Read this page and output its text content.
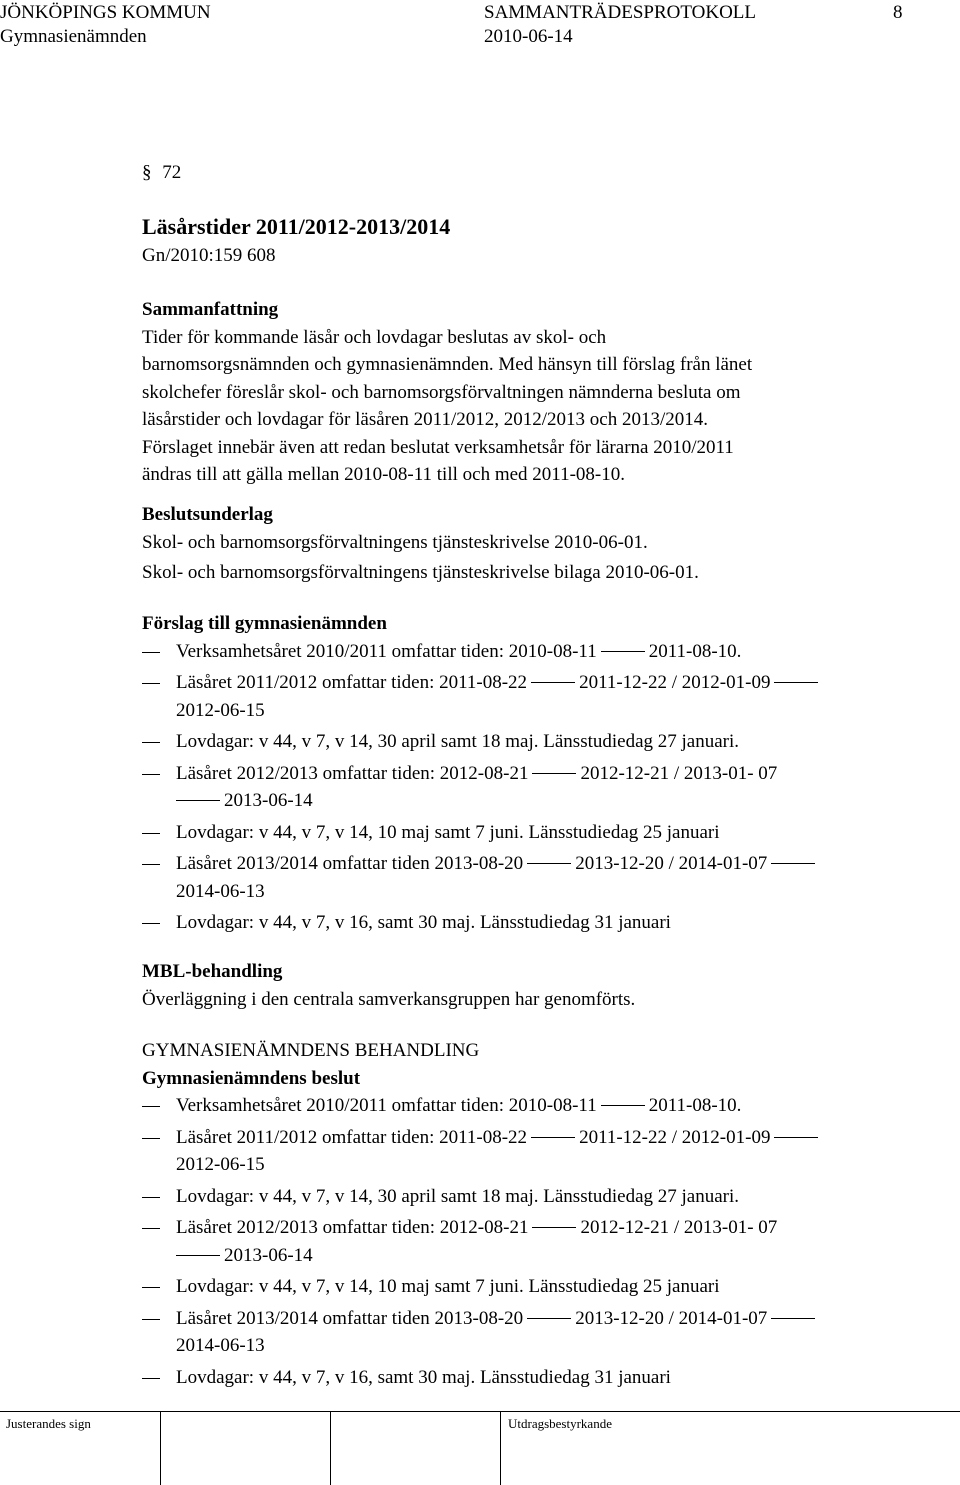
JÖNKÖPINGS KOMMUN	SAMMANTRÄDESPROTOKOLL	8
Gymnasienämnden	2010-06-14
§ 72
Läsårstider 2011/2012-2013/2014
Gn/2010:159 608
Sammanfattning
Tider för kommande läsår och lovdagar beslutas av skol- och
barnomsorgsnämnden och gymnasienämnden. Med hänsyn till förslag från länet
skolchefer föreslår skol- och barnomsorgsförvaltningen nämnderna besluta om
läsårstider och lovdagar för läsåren 2011/2012, 2012/2013 och 2013/2014.
Förslaget innebär även att redan beslutat verksamhetsår för lärarna 2010/2011
ändras till att gälla mellan 2010-08-11 till och med 2011-08-10.
Beslutsunderlag
Skol- och barnomsorgsförvaltningens tjänsteskrivelse 2010-06-01.
Skol- och barnomsorgsförvaltningens tjänsteskrivelse bilaga 2010-06-01.
Förslag till gymnasienämnden
Verksamhetsåret 2010/2011 omfattar tiden: 2010-08-11	2011-08-10.
Läsåret 2011/2012 omfattar tiden: 2011-08-22	2011-12-22 / 2012-01-09
2012-06-15
Lovdagar: v 44, v 7, v 14, 30 april samt 18 maj. Länsstudiedag 27 januari.
Läsåret 2012/2013 omfattar tiden: 2012-08-21	2012-12-21 / 2013-01- 07
2013-06-14
Lovdagar: v 44, v 7, v 14, 10 maj samt 7 juni. Länsstudiedag 25 januari
Läsåret 2013/2014 omfattar tiden 2013-08-20	2013-12-20 / 2014-01-07
2014-06-13
Lovdagar: v 44, v 7, v 16, samt 30 maj. Länsstudiedag 31 januari
MBL-behandling
Överläggning i den centrala samverkansgruppen har genomförts.
GYMNASIENÄMNDENS BEHANDLING
Gymnasienämndens beslut
Verksamhetsåret 2010/2011 omfattar tiden: 2010-08-11	2011-08-10.
Läsåret 2011/2012 omfattar tiden: 2011-08-22	2011-12-22 / 2012-01-09
2012-06-15
Lovdagar: v 44, v 7, v 14, 30 april samt 18 maj. Länsstudiedag 27 januari.
Läsåret 2012/2013 omfattar tiden: 2012-08-21	2012-12-21 / 2013-01- 07
2013-06-14
Lovdagar: v 44, v 7, v 14, 10 maj samt 7 juni. Länsstudiedag 25 januari
Läsåret 2013/2014 omfattar tiden 2013-08-20	2013-12-20 / 2014-01-07
2014-06-13
Lovdagar: v 44, v 7, v 16, samt 30 maj. Länsstudiedag 31 januari
Justerandes sign	Utdragsbestyrkande
